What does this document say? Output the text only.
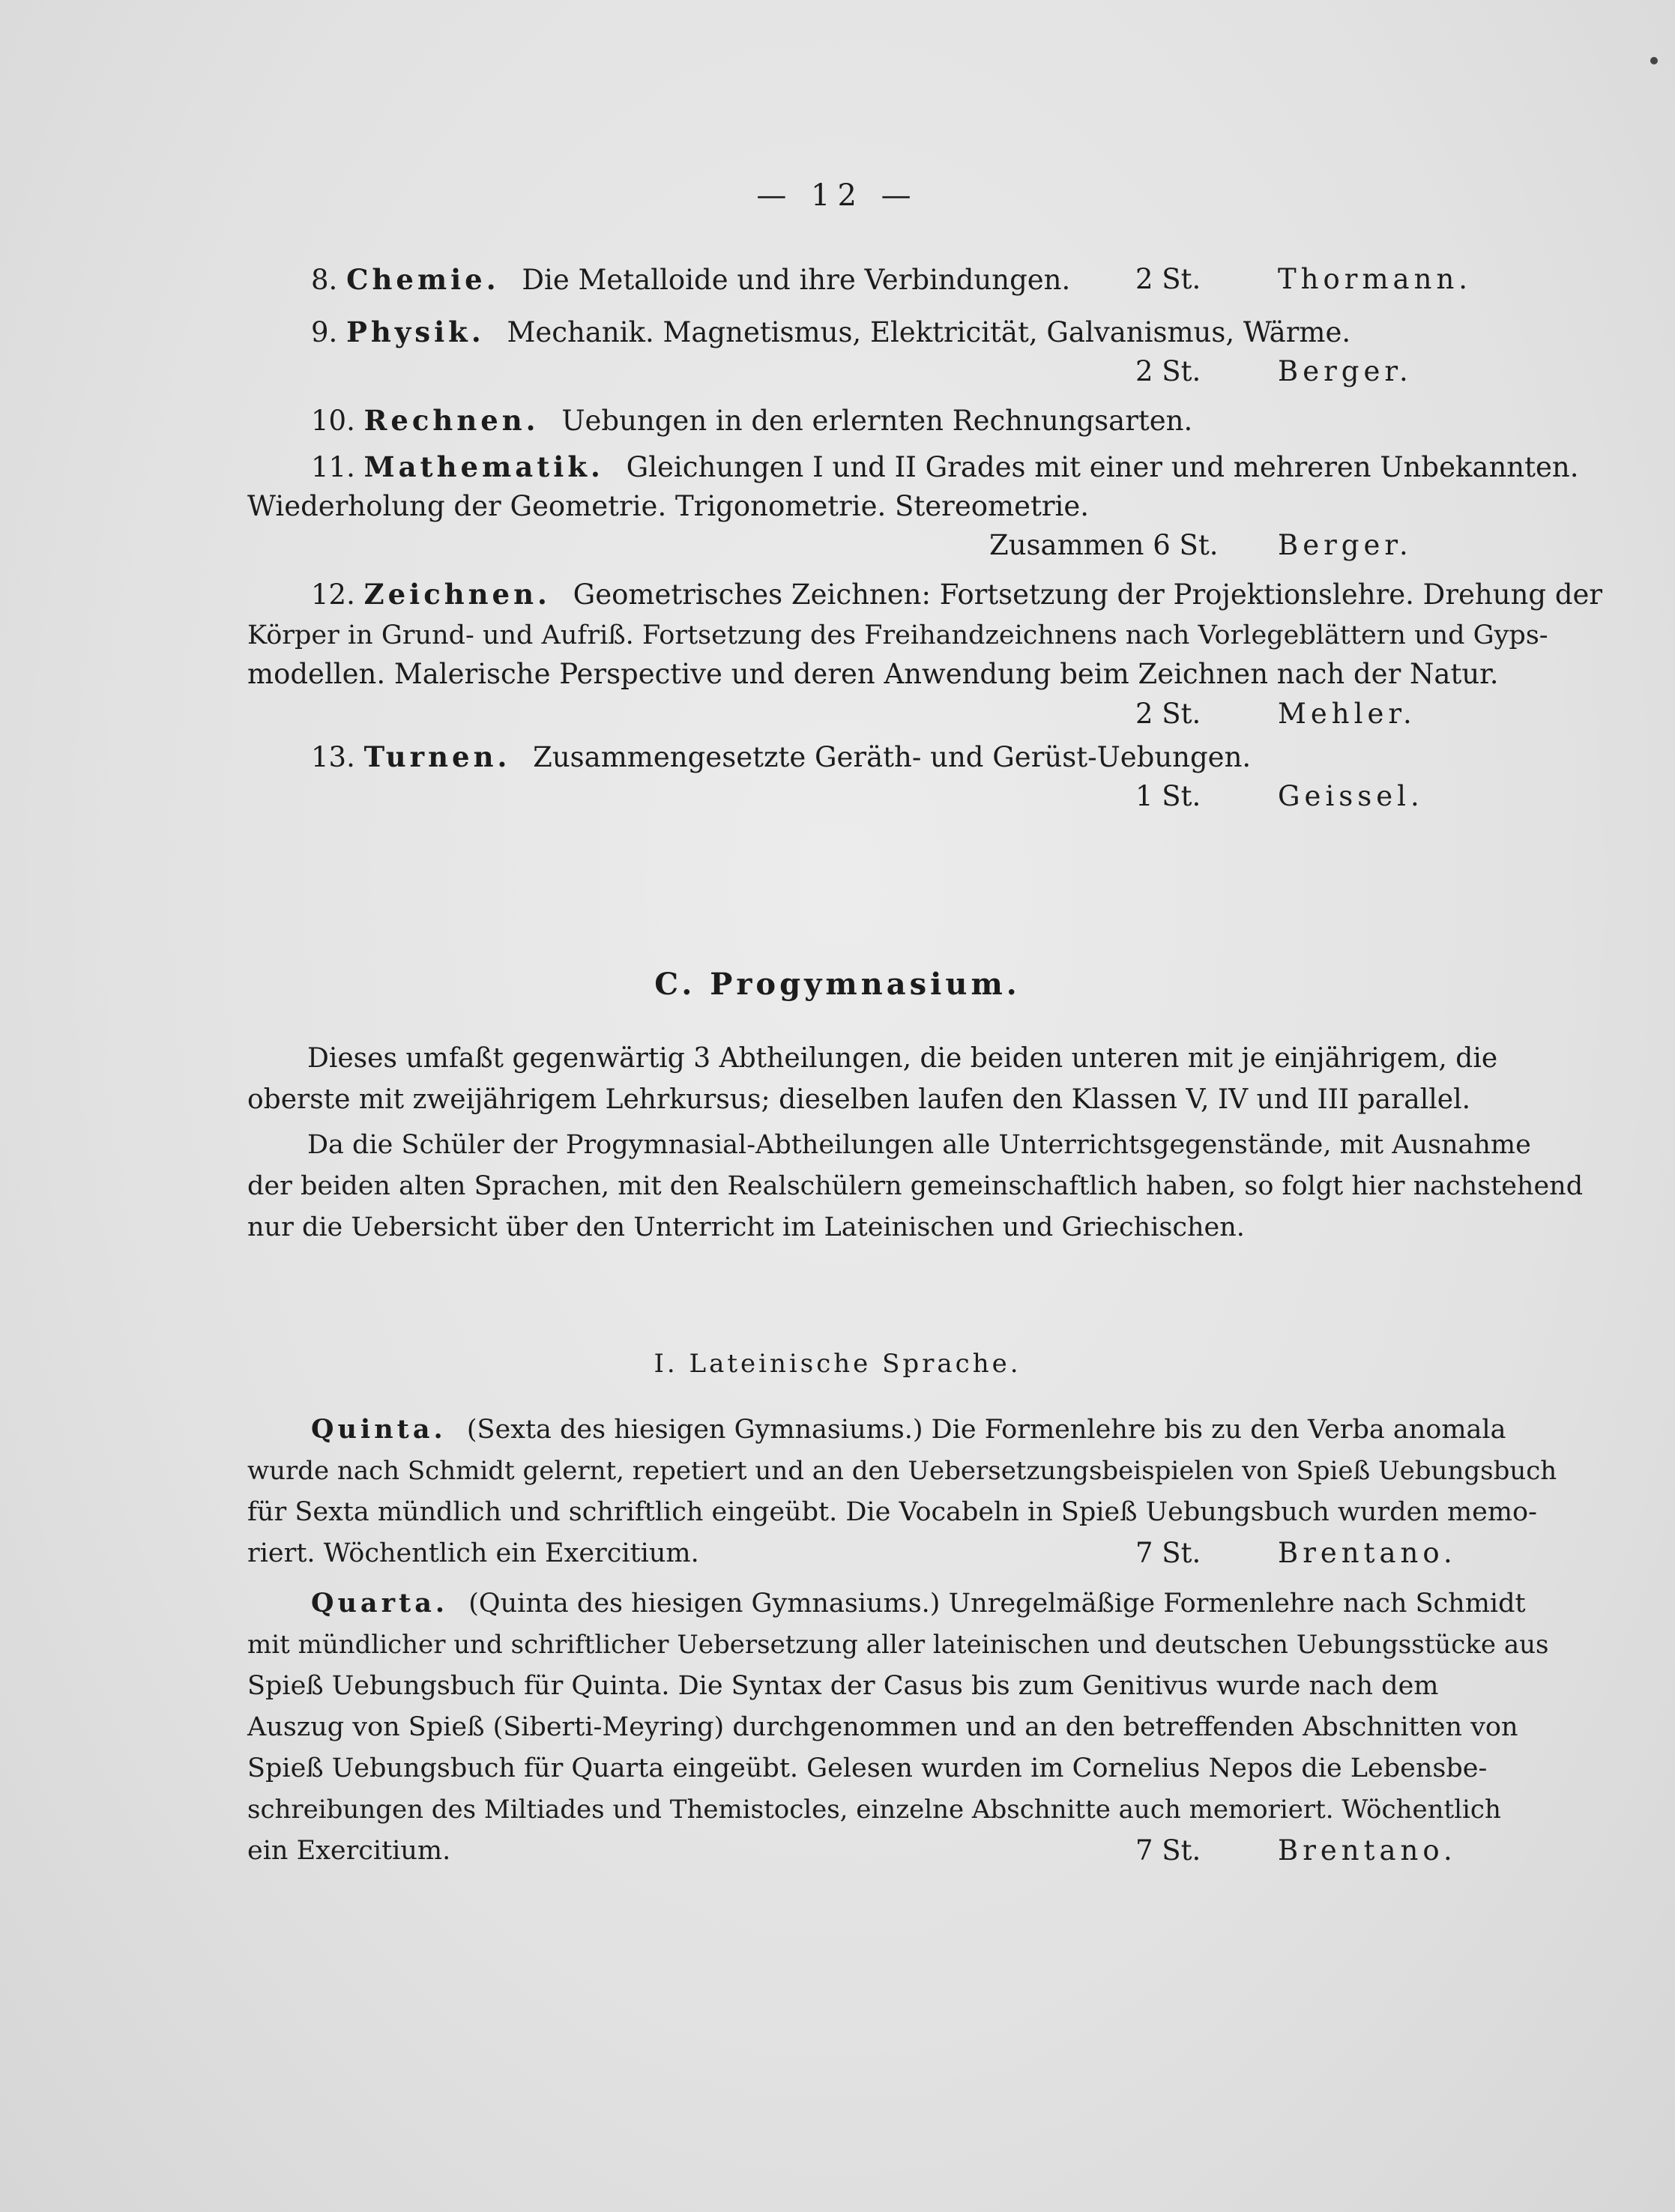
— 12 —
8. Chemie. Die Metalloide und ihre Verbindungen. 2 St.	Thormann.
9. Physik. Mechanik. Magnetismus, Elektricität, Galvanismus, Wärme.
2 St.	Berger.
10. Rechnen. Uebungen in den erlernten Rechnungsarten.
11. Mathematik. Gleichungen I und II Grades mit einer und mehreren Unbekannten.
Wiederholung der Geometrie. Trigonometrie. Stereometrie.
Zusammen 6 St. Berger.
12. Zeichnen. Geometrisches Zeichnen: Fortsetzung der Projektionslehre. Drehung der
Körper in Grund- und Aufriß. Fortsetzung des Freihandzeichnens nach Vorlegeblättern und Gyps-
modellen. Malerische Perspective und deren Anwendung beim Zeichnen nach der Natur.
2 St.	Mehler.
13. Turnen. Zusammengesetzte Geräth- und Gerüst-Uebungen.
1 St.	Geissel.
C. Progymnasium.
Dieses umfaßt gegenwärtig 3 Abtheilungen, die beiden unteren mit je einjährigem, die
oberste mit zweijährigem Lehrkursus; dieselben laufen den Klassen V, IV und III parallel.
Da die Schüler der Progymnasial-Abtheilungen alle Unterrichtsgegenstände, mit Ausnahme
der beiden alten Sprachen, mit den Realschülern gemeinschaftlich haben, so folgt hier nachstehend
nur die Uebersicht über den Unterricht im Lateinischen und Griechischen.
I. Lateinische Sprache.
Quinta. (Sexta des hiesigen Gymnasiums.) Die Formenlehre bis zu den Verba anomala
wurde nach Schmidt gelernt, repetiert und an den Uebersetzungsbeispielen von Spieß Uebungsbuch
für Sexta mündlich und schriftlich eingeübt. Die Vocabeln in Spieß Uebungsbuch wurden memo-
riert. Wöchentlich ein Exercitium.	7 St.	Brentano.
Quarta. (Quinta des hiesigen Gymnasiums.) Unregelmäßige Formenlehre nach Schmidt
mit mündlicher und schriftlicher Uebersetzung aller lateinischen und deutschen Uebungsstücke aus
Spieß Uebungsbuch für Quinta. Die Syntax der Casus bis zum Genitivus wurde nach dem
Auszug von Spieß (Siberti-Meyring) durchgenommen und an den betreffenden Abschnitten von
Spieß Uebungsbuch für Quarta eingeübt. Gelesen wurden im Cornelius Nepos die Lebensbe-
schreibungen des Miltiades und Themistocles, einzelne Abschnitte auch memoriert. Wöchentlich
ein Exercitium.	7 St.	Brentano.
